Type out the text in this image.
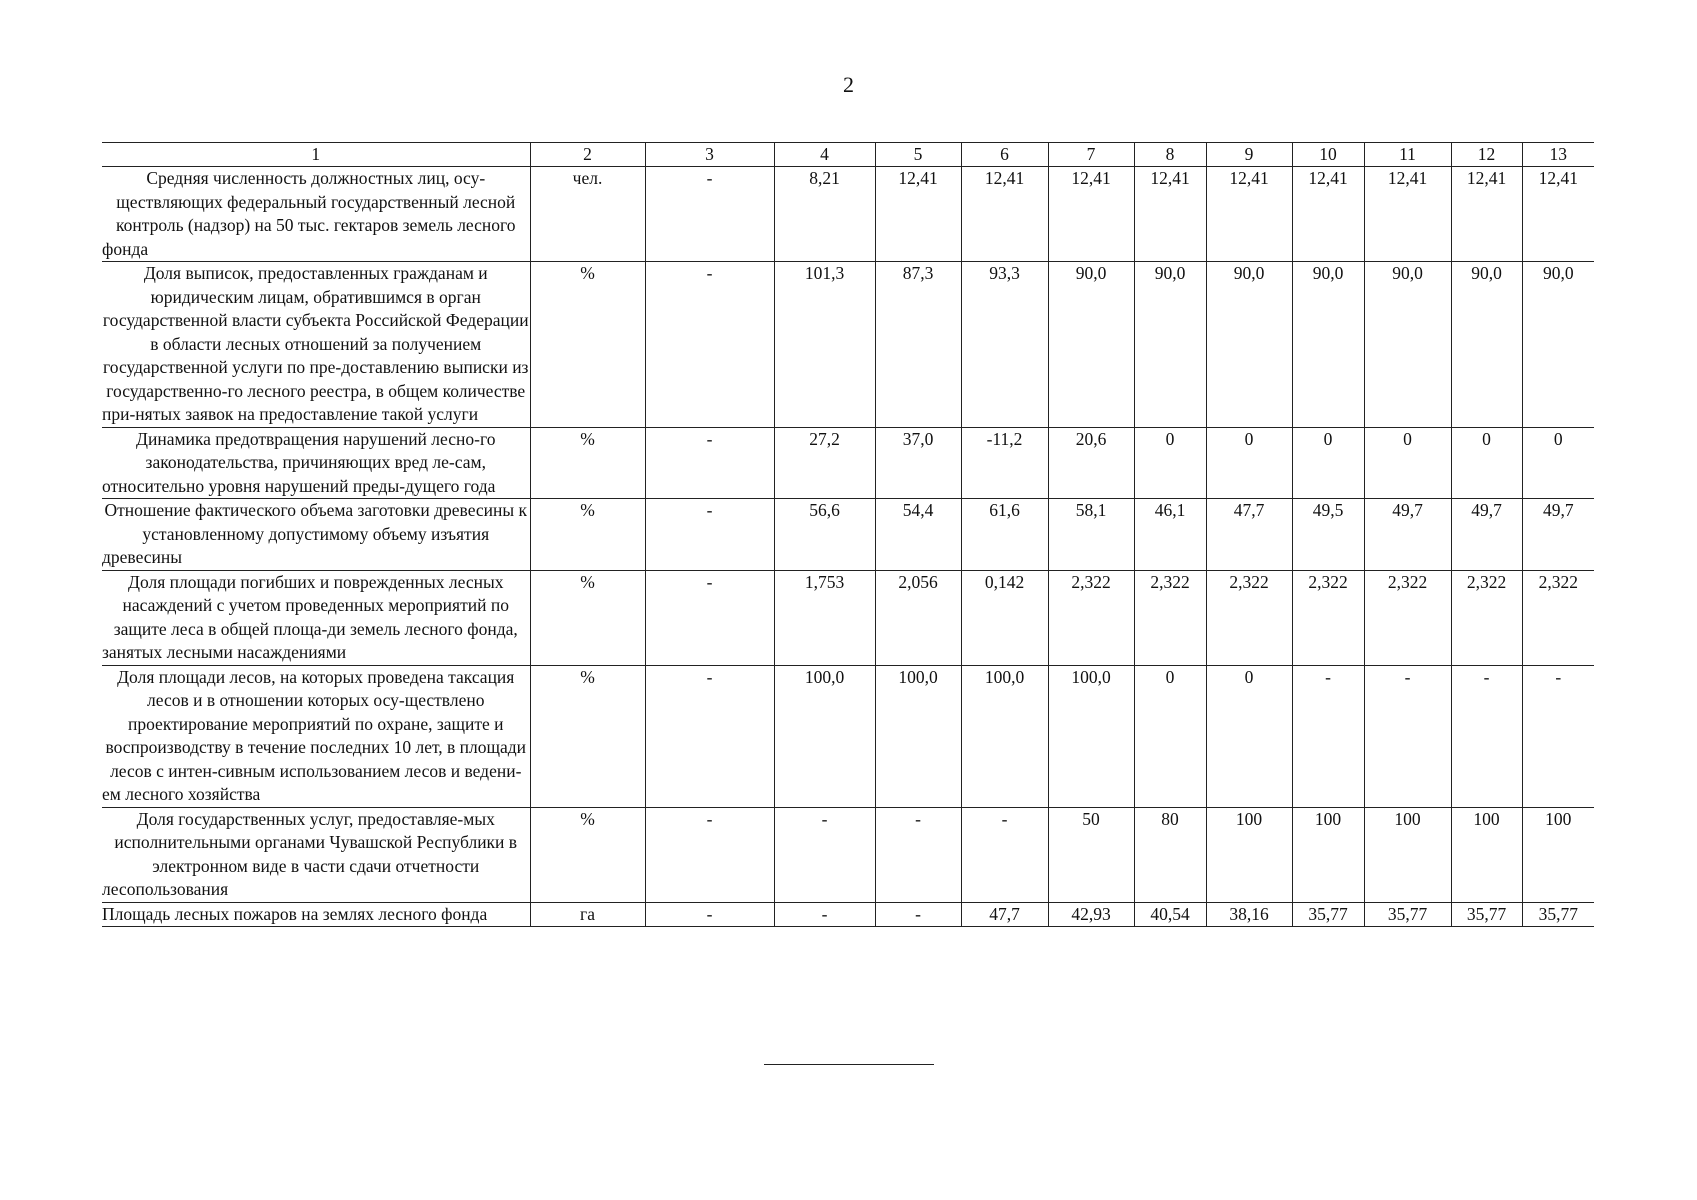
2
1	2	3	4	5	6	7	8	9	10	11	12	13
Средняя численность должностных лиц, осу-ществляющих федеральный государственный лесной контроль (надзор) на 50 тыс. гектаров земель лесного фонда	чел.	-	8,21	12,41	12,41	12,41	12,41	12,41	12,41	12,41	12,41	12,41
Доля выписок, предоставленных гражданам и юридическим лицам, обратившимся в орган государственной власти субъекта Российской Федерации в области лесных отношений за получением государственной услуги по пре-доставлению выписки из государственно-го лесного реестра, в общем количестве при-нятых заявок на предоставление такой услуги	%	-	101,3	87,3	93,3	90,0	90,0	90,0	90,0	90,0	90,0	90,0
Динамика предотвращения нарушений лесно-го законодательства, причиняющих вред ле-сам, относительно уровня нарушений преды-дущего года	%	-	27,2	37,0	-11,2	20,6	0	0	0	0	0	0
Отношение фактического объема заготовки древесины к установленному допустимому объему изъятия древесины	%	-	56,6	54,4	61,6	58,1	46,1	47,7	49,5	49,7	49,7	49,7
Доля площади погибших и поврежденных лесных насаждений с учетом проведенных мероприятий по защите леса в общей площа-ди земель лесного фонда, занятых лесными насаждениями	%	-	1,753	2,056	0,142	2,322	2,322	2,322	2,322	2,322	2,322	2,322
Доля площади лесов, на которых проведена таксация лесов и в отношении которых осу-ществлено проектирование мероприятий по охране, защите и воспроизводству в течение последних 10 лет, в площади лесов с интен-сивным использованием лесов и ведени-ем лесного хозяйства	%	-	100,0	100,0	100,0	100,0	0	0	-	-	-	-
Доля государственных услуг, предоставляе-мых исполнительными органами Чувашской Республики в электронном виде в части сдачи отчетности лесопользования	%	-	-	-	-	50	80	100	100	100	100	100
Площадь лесных пожаров на землях лесного фонда	га	-	-	-	47,7	42,93	40,54	38,16	35,77	35,77	35,77	35,77
